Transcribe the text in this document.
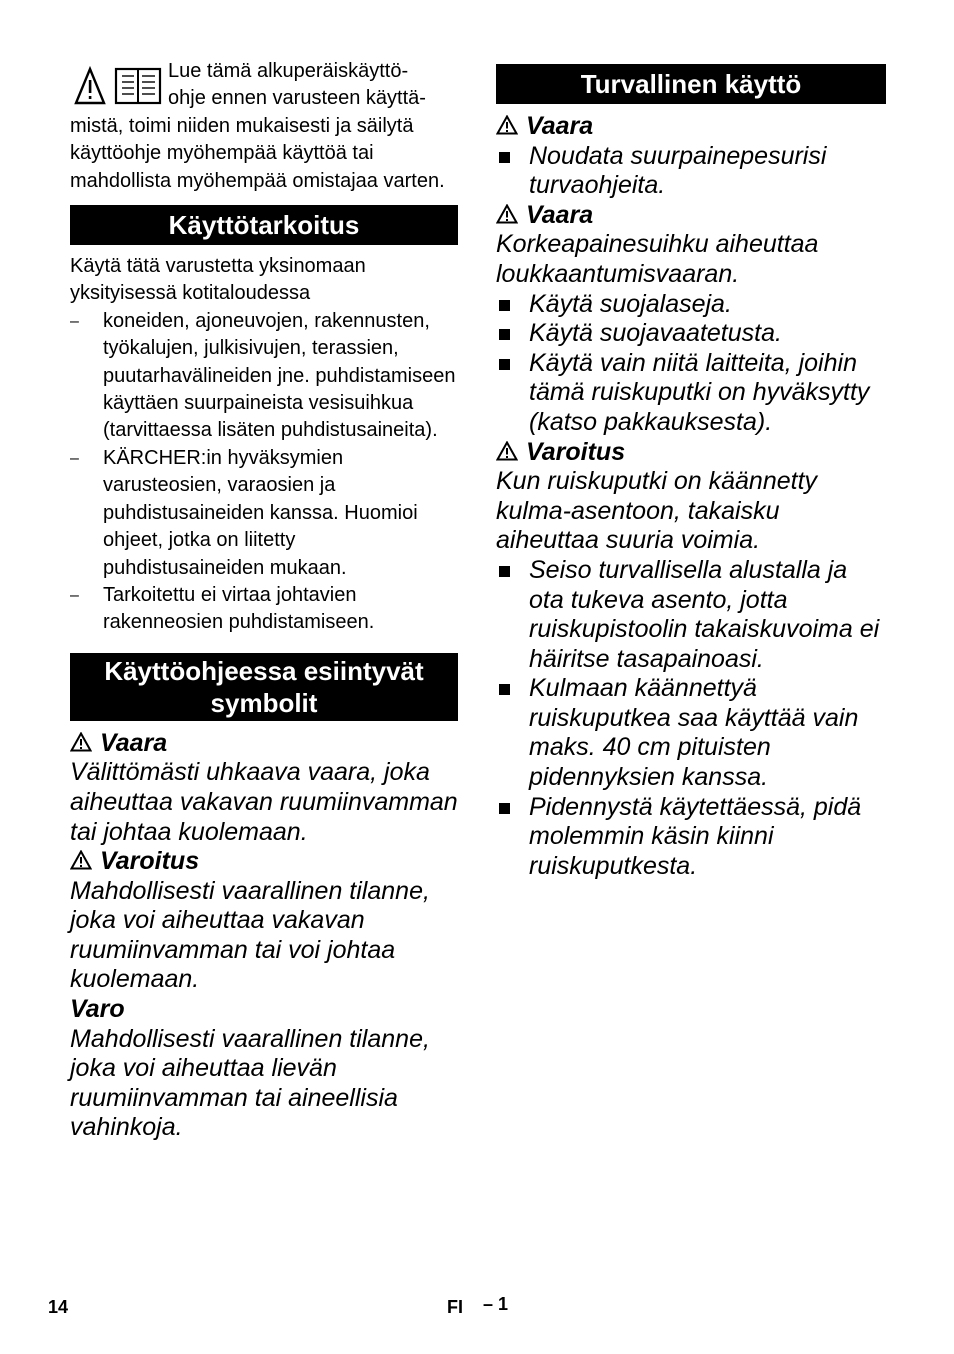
Lue tämä alkuperäiskäyttö-

ohje ennen varusteen käyttä-

mistä, toimi niiden mukaisesti ja säilytä käyttöohje myöhempää käyttöä tai mahdollista myöhempää omistajaa varten.

Käyttötarkoitus

Käytä tätä varustetta yksinomaan yksityisessä kotitaloudessa

– koneiden, ajoneuvojen, rakennusten, työkalujen, julkisivujen, terassien, puutarhavälineiden jne. puhdistamiseen käyttäen suurpaineista vesisuihkua (tarvittaessa lisäten puhdistusaineita).
– KÄRCHER:in hyväksymien varusteosien, varaosien ja puhdistusaineiden kanssa. Huomioi ohjeet, jotka on liitetty puhdistusaineiden mukaan.
– Tarkoitettu ei virtaa johtavien rakenneosien puhdistamiseen.
Käyttöohjeessa esiintyvät
symbolit
Vaara

Välittömästi uhkaava vaara, joka aiheuttaa vakavan ruumiinvamman tai johtaa kuolemaan.

Varoitus

Mahdollisesti vaarallinen tilanne, joka voi aiheuttaa vakavan ruumiinvamman tai voi johtaa kuolemaan.

Varo

Mahdollisesti vaarallinen tilanne, joka voi aiheuttaa lievän ruumiinvamman tai aineellisia vahinkoja.

Turvallinen käyttö
Vaara
Noudata suurpainepesurisi turvaohjeita.
Vaara

Korkeapainesuihku aiheuttaa loukkaantumisvaaran.

Käytä suojalaseja.
Käytä suojavaatetusta.
Käytä vain niitä laitteita, joihin tämä ruiskuputki on hyväksytty (katso pakkauksesta).
Varoitus

Kun ruiskuputki on käännetty kulma-asentoon, takaisku aiheuttaa suuria voimia.

Seiso turvallisella alustalla ja ota tukeva asento, jotta ruiskupistoolin takaiskuvoima ei häiritse tasapainoasi.
Kulmaan käännettyä ruiskuputkea saa käyttää vain maks. 40 cm pituisten pidennyksien kanssa.
Pidennystä käytettäessä, pidä molemmin käsin kiinni ruiskuputkesta.
14	FI – 1
